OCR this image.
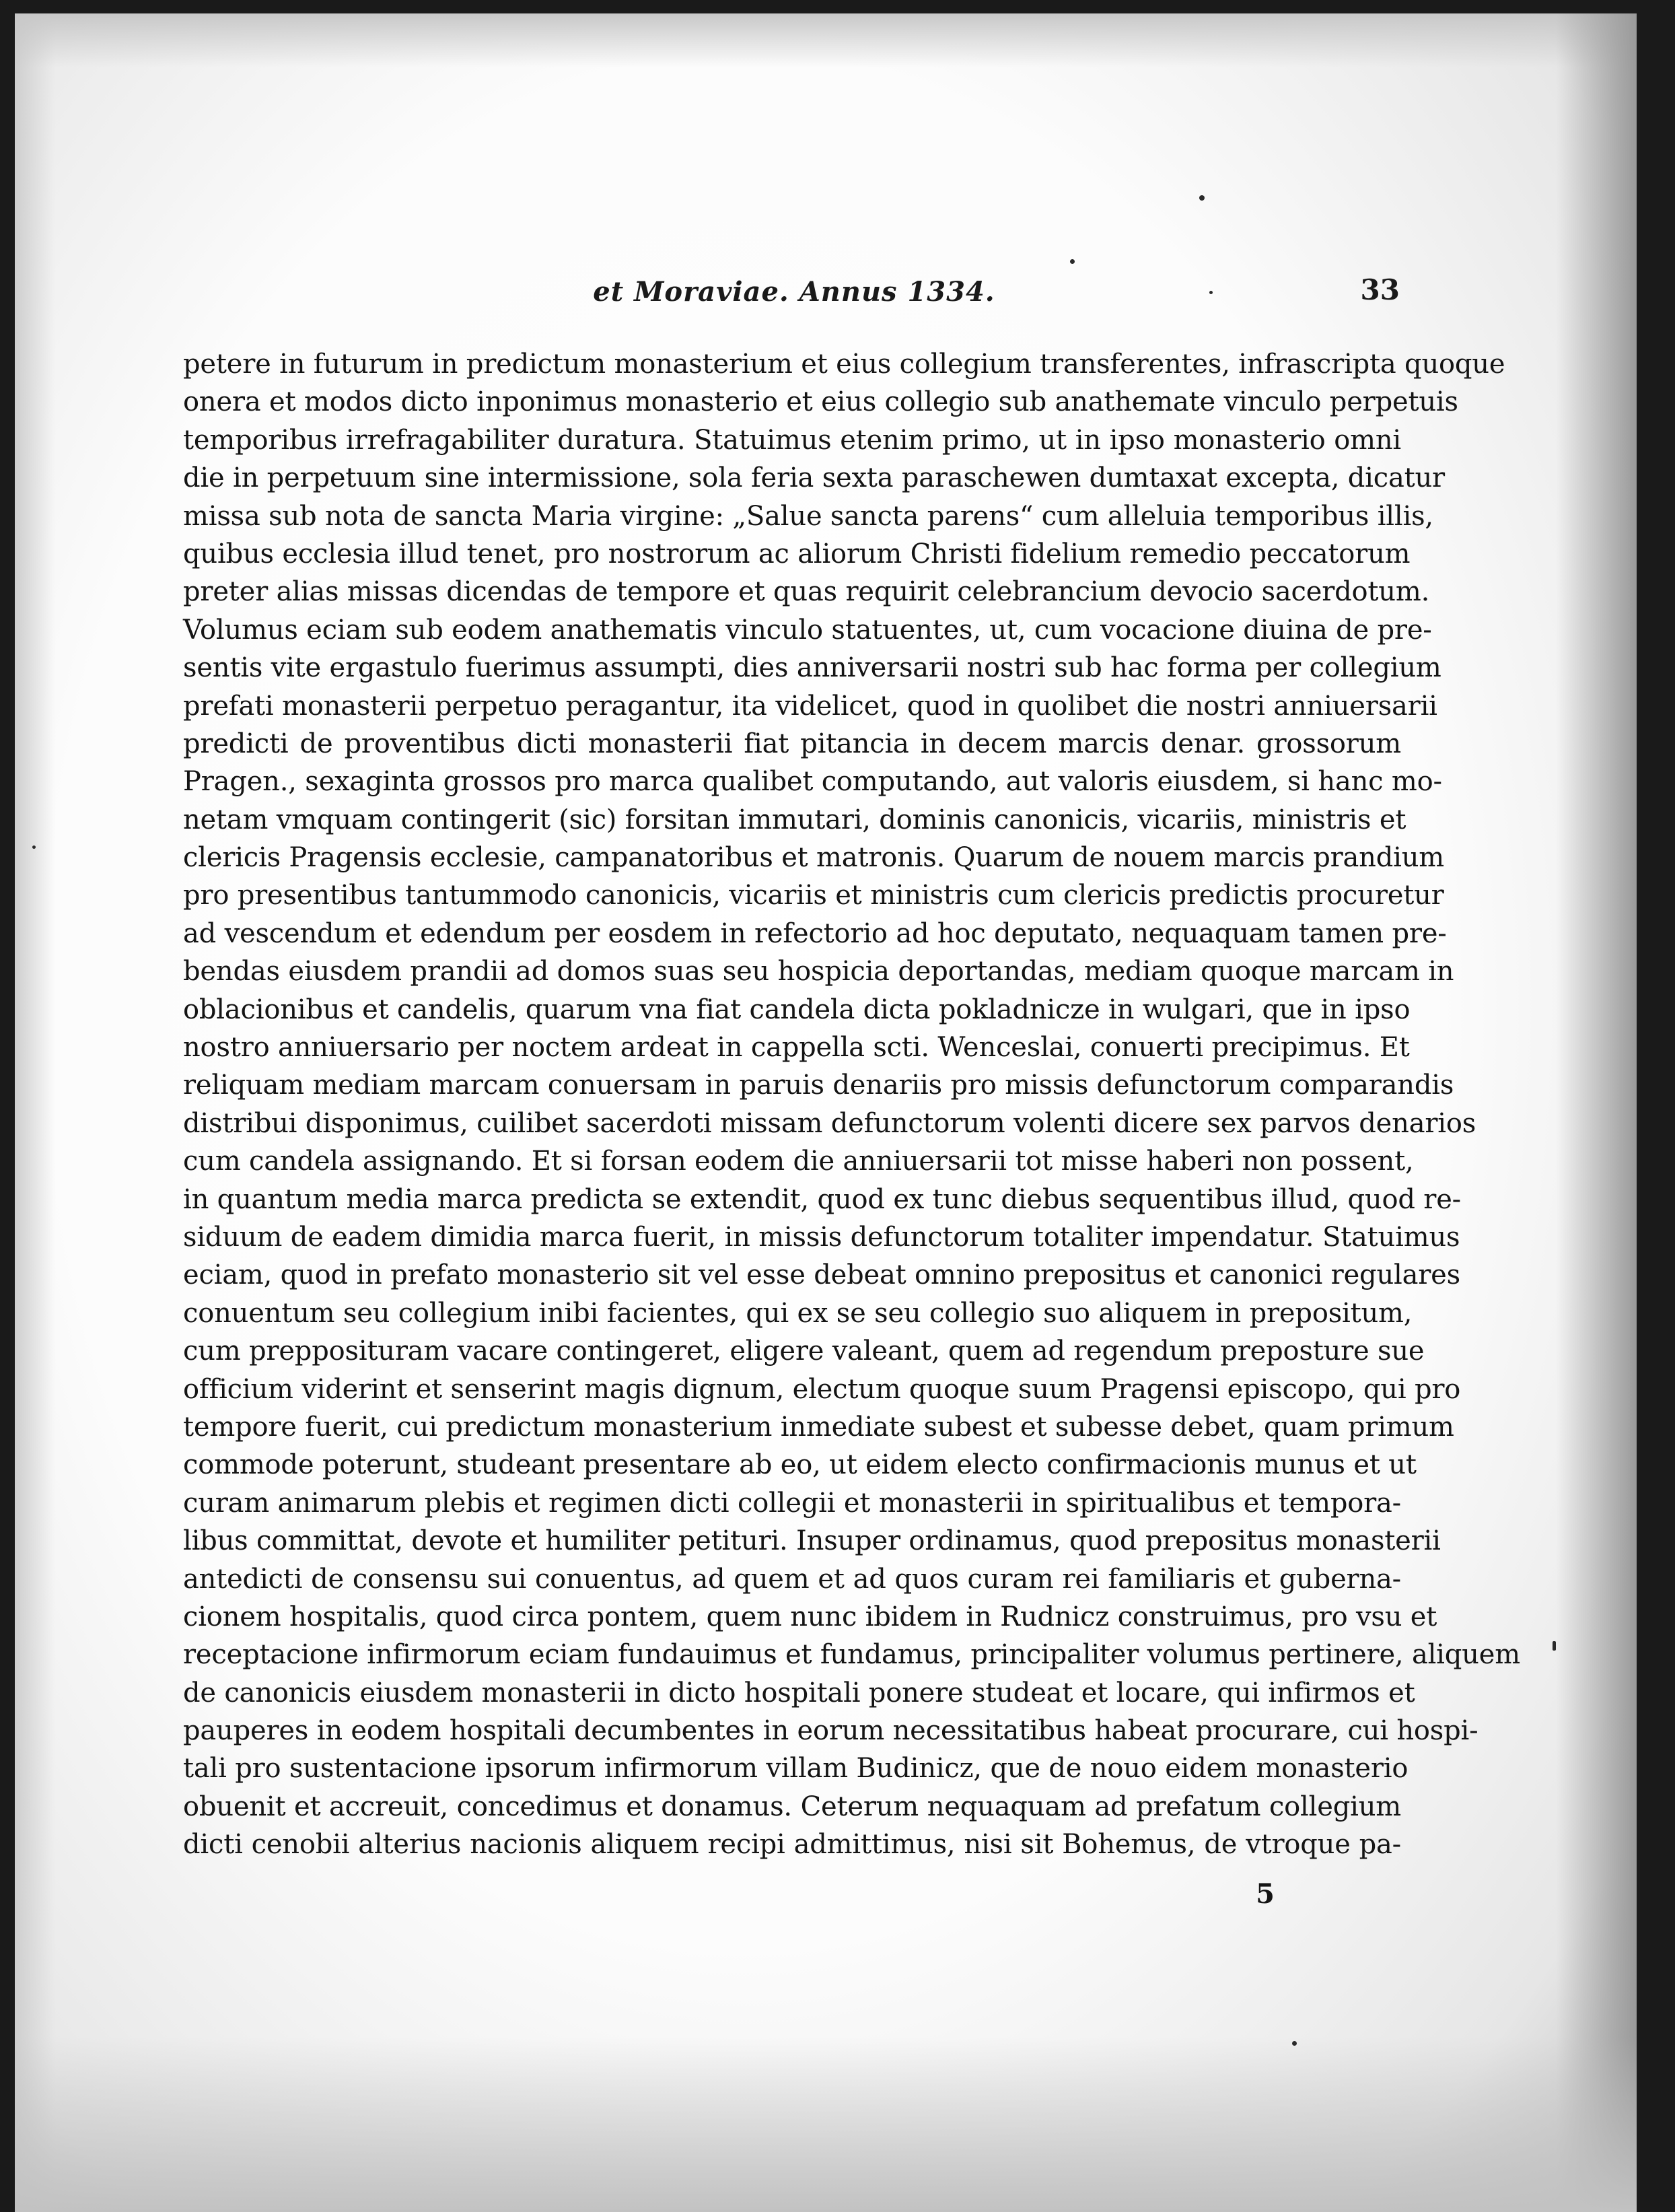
et Moraviae. Annus 1334.	33
petere in futurum in predictum monasterium et eius collegium transferentes, infrascripta quoque
onera et modos dicto inponimus monasterio et eius collegio sub anathemate vinculo perpetuis
temporibus irrefragabiliter duratura. Statuimus etenim primo, ut in ipso monasterio omni
die in perpetuum sine intermissione, sola feria sexta paraschewen dumtaxat excepta, dicatur
missa sub nota de sancta Maria virgine: „Salue sancta parens“ cum alleluia temporibus illis,
quibus ecclesia illud tenet, pro nostrorum ac aliorum Christi fidelium remedio peccatorum
preter alias missas dicendas de tempore et quas requirit celebrancium devocio sacerdotum.
Volumus eciam sub eodem anathematis vinculo statuentes, ut, cum vocacione diuina de pre-
sentis vite ergastulo fuerimus assumpti, dies anniversarii nostri sub hac forma per collegium
prefati monasterii perpetuo peragantur, ita videlicet, quod in quolibet die nostri anniuersarii
predicti de proventibus dicti monasterii fiat pitancia in decem marcis denar. grossorum
Pragen., sexaginta grossos pro marca qualibet computando, aut valoris eiusdem, si hanc mo-
netam vmquam contingerit (sic) forsitan immutari, dominis canonicis, vicariis, ministris et
clericis Pragensis ecclesie, campanatoribus et matronis. Quarum de nouem marcis prandium
pro presentibus tantummodo canonicis, vicariis et ministris cum clericis predictis procuretur
ad vescendum et edendum per eosdem in refectorio ad hoc deputato, nequaquam tamen pre-
bendas eiusdem prandii ad domos suas seu hospicia deportandas, mediam quoque marcam in
oblacionibus et candelis, quarum vna fiat candela dicta pokladnicze in wulgari, que in ipso
nostro anniuersario per noctem ardeat in cappella scti. Wenceslai, conuerti precipimus. Et
reliquam mediam marcam conuersam in paruis denariis pro missis defunctorum comparandis
distribui disponimus, cuilibet sacerdoti missam defunctorum volenti dicere sex parvos denarios
cum candela assignando. Et si forsan eodem die anniuersarii tot misse haberi non possent,
in quantum media marca predicta se extendit, quod ex tunc diebus sequentibus illud, quod re-
siduum de eadem dimidia marca fuerit, in missis defunctorum totaliter impendatur. Statuimus
eciam, quod in prefato monasterio sit vel esse debeat omnino prepositus et canonici regulares
conuentum seu collegium inibi facientes, qui ex se seu collegio suo aliquem in prepositum,
cum prepposituram vacare contingeret, eligere valeant, quem ad regendum preposture sue
officium viderint et senserint magis dignum, electum quoque suum Pragensi episcopo, qui pro
tempore fuerit, cui predictum monasterium inmediate subest et subesse debet, quam primum
commode poterunt, studeant presentare ab eo, ut eidem electo confirmacionis munus et ut
curam animarum plebis et regimen dicti collegii et monasterii in spiritualibus et tempora-
libus committat, devote et humiliter petituri. Insuper ordinamus, quod prepositus monasterii
antedicti de consensu sui conuentus, ad quem et ad quos curam rei familiaris et guberna-
cionem hospitalis, quod circa pontem, quem nunc ibidem in Rudnicz construimus, pro vsu et
receptacione infirmorum eciam fundauimus et fundamus, principaliter volumus pertinere, aliquem
de canonicis eiusdem monasterii in dicto hospitali ponere studeat et locare, qui infirmos et
pauperes in eodem hospitali decumbentes in eorum necessitatibus habeat procurare, cui hospi-
tali pro sustentacione ipsorum infirmorum villam Budinicz, que de nouo eidem monasterio
obuenit et accreuit, concedimus et donamus. Ceterum nequaquam ad prefatum collegium
dicti cenobii alterius nacionis aliquem recipi admittimus, nisi sit Bohemus, de vtroque pa-
5
